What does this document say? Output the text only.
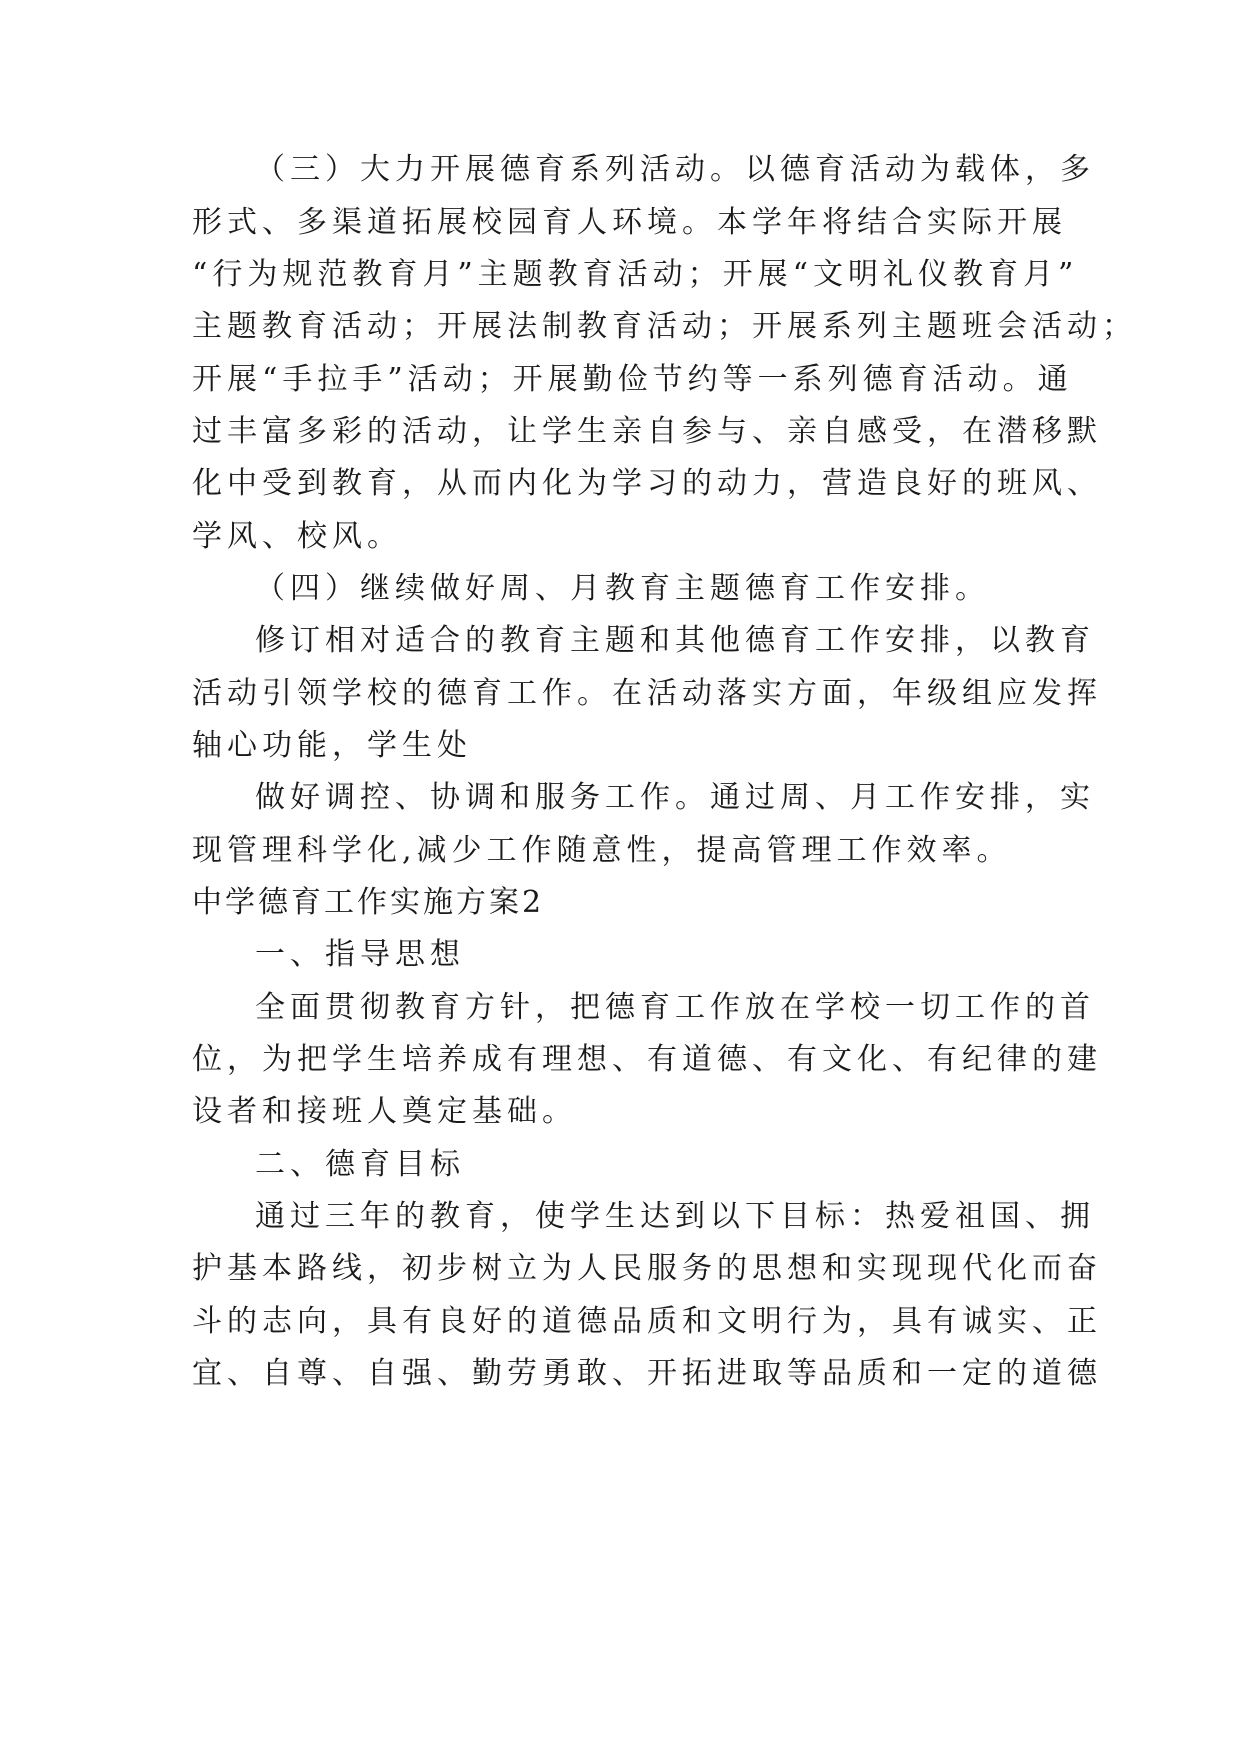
（三）大力开展德育系列活动。以德育活动为载体，多
形式、多渠道拓展校园育人环境。本学年将结合实际开展
“行为规范教育月”主题教育活动；开展“文明礼仪教育月”
主题教育活动；开展法制教育活动；开展系列主题班会活动；
开展“手拉手”活动；开展勤俭节约等一系列德育活动。通
过丰富多彩的活动，让学生亲自参与、亲自感受，在潜移默
化中受到教育，从而内化为学习的动力，营造良好的班风、
学风、校风。
（四）继续做好周、月教育主题德育工作安排。
修订相对适合的教育主题和其他德育工作安排，以教育
活动引领学校的德育工作。在活动落实方面，年级组应发挥
轴心功能，学生处
做好调控、协调和服务工作。通过周、月工作安排，实
现管理科学化,减少工作随意性，提高管理工作效率。
中学德育工作实施方案2
一、指导思想
全面贯彻教育方针，把德育工作放在学校一切工作的首
位，为把学生培养成有理想、有道德、有文化、有纪律的建
设者和接班人奠定基础。
二、德育目标
通过三年的教育，使学生达到以下目标：热爱祖国、拥
护基本路线，初步树立为人民服务的思想和实现现代化而奋
斗的志向，具有良好的道德品质和文明行为，具有诚实、正
宜、自尊、自强、勤劳勇敢、开拓进取等品质和一定的道德
